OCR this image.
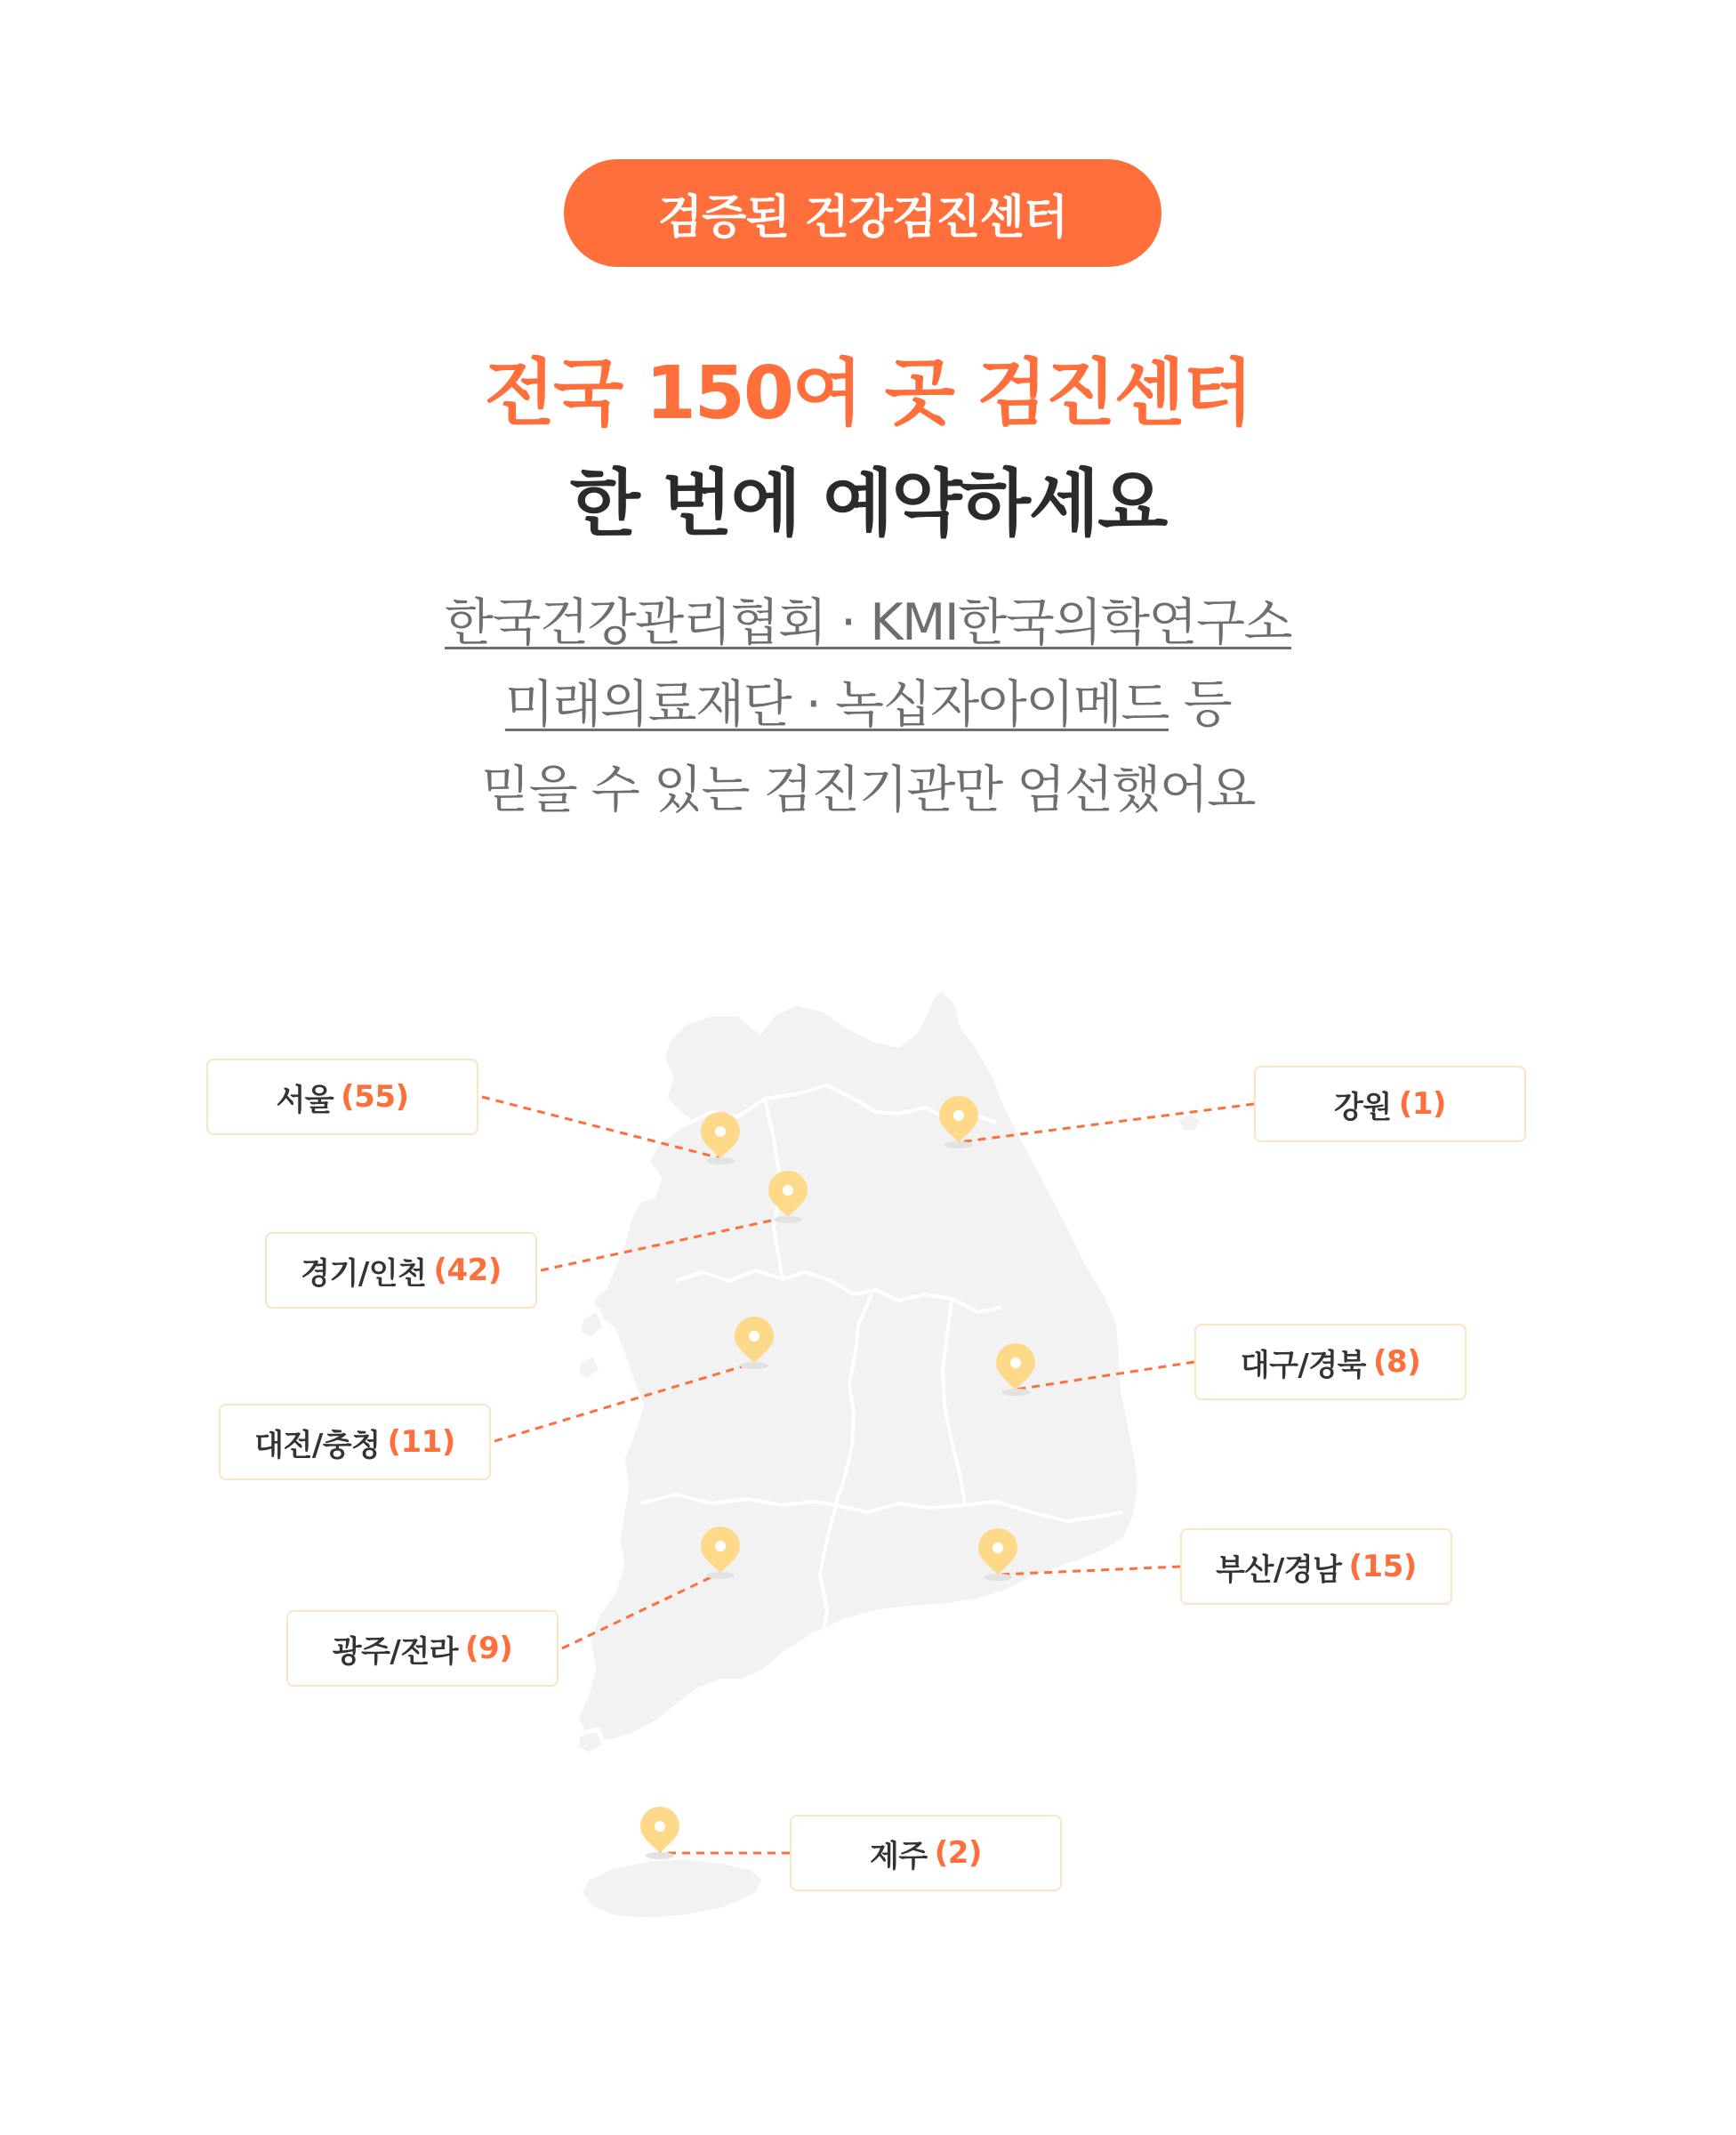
검증된 건강검진센터
전국 150여 곳 검진센터
한 번에 예약하세요
한국건강관리협회 · KMI한국의학연구소
미래의료재단 · 녹십자아이메드 등
믿을 수 있는 검진기관만 엄선했어요
서울 (55)
경기/인천 (42)
대전/충청 (11)
광주/전라 (9)
강원 (1)
대구/경북 (8)
부산/경남 (15)
제주 (2)
